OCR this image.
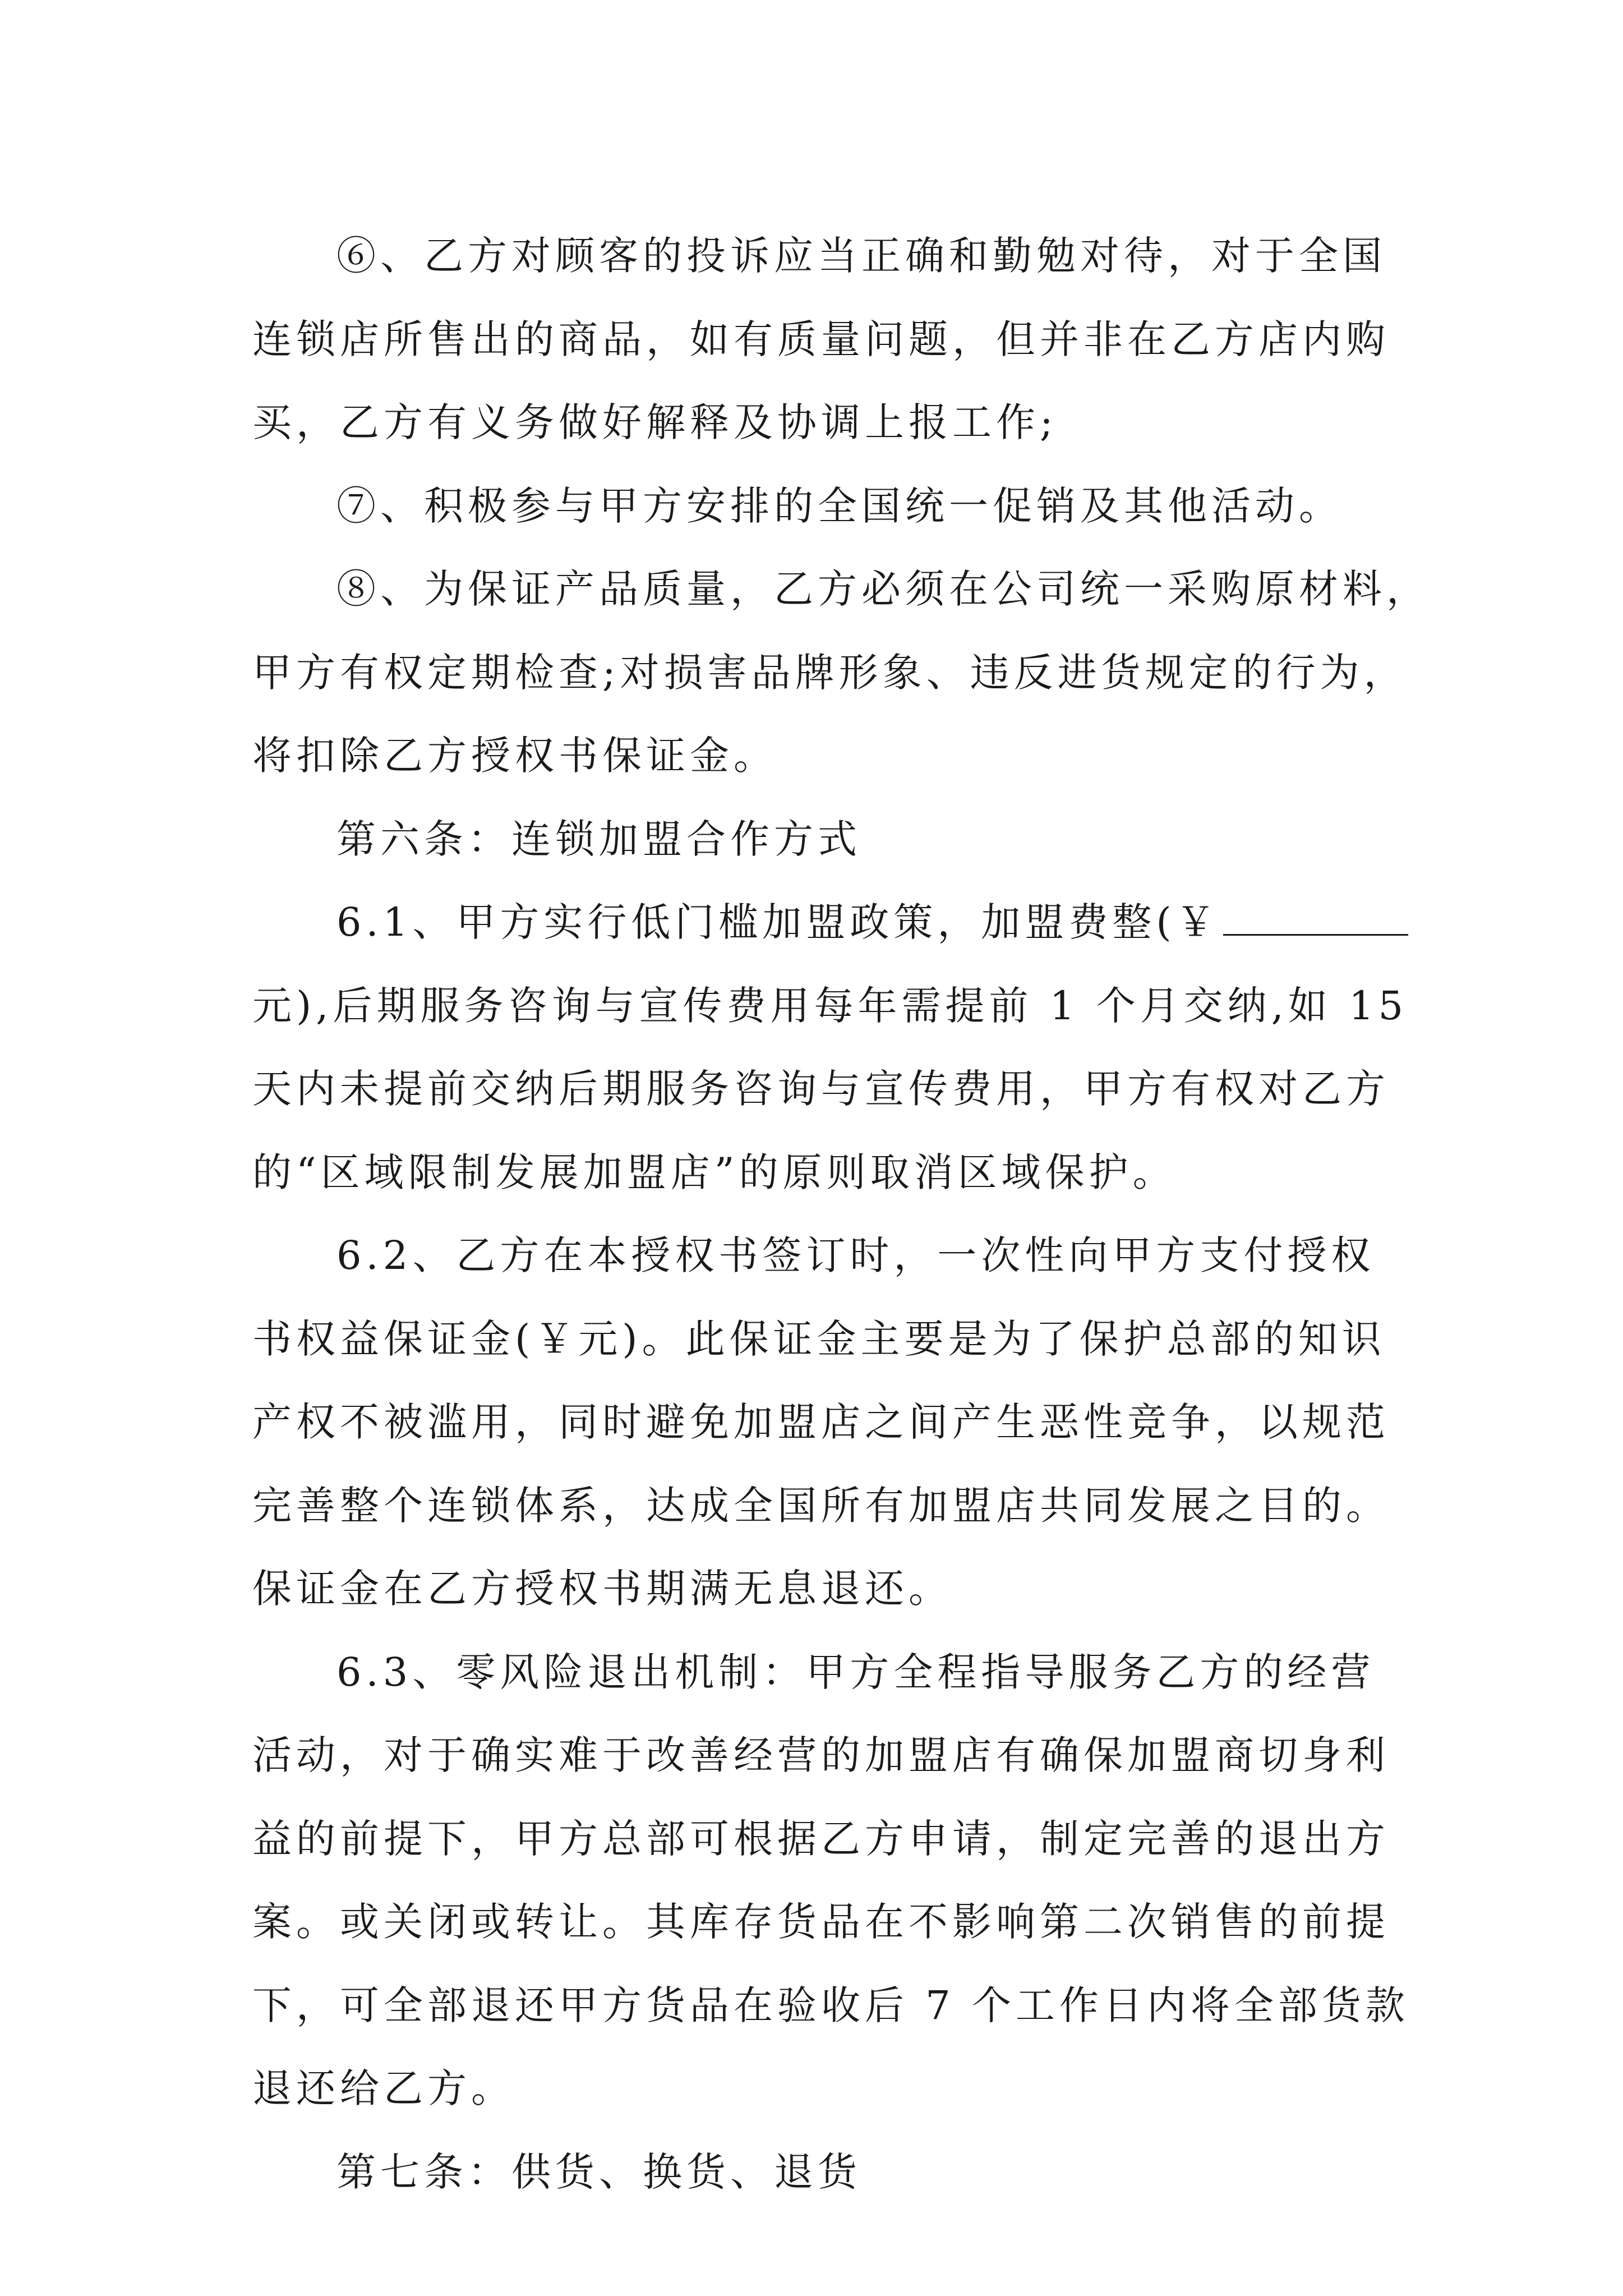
⑥、乙方对顾客的投诉应当正确和勤勉对待，对于全国
连锁店所售出的商品，如有质量问题，但并非在乙方店内购
买，乙方有义务做好解释及协调上报工作;
⑦、积极参与甲方安排的全国统一促销及其他活动。
⑧、为保证产品质量，乙方必须在公司统一采购原材料，
甲方有权定期检查;对损害品牌形象、违反进货规定的行为，
将扣除乙方授权书保证金。
第六条：连锁加盟合作方式
6.1、甲方实行低门槛加盟政策，加盟费整(￥
元),后期服务咨询与宣传费用每年需提前 1 个月交纳,如 15
天内未提前交纳后期服务咨询与宣传费用，甲方有权对乙方
的“区域限制发展加盟店”的原则取消区域保护。
6.2、乙方在本授权书签订时，一次性向甲方支付授权
书权益保证金(￥元)。此保证金主要是为了保护总部的知识
产权不被滥用，同时避免加盟店之间产生恶性竞争，以规范
完善整个连锁体系，达成全国所有加盟店共同发展之目的。
保证金在乙方授权书期满无息退还。
6.3、零风险退出机制：甲方全程指导服务乙方的经营
活动，对于确实难于改善经营的加盟店有确保加盟商切身利
益的前提下，甲方总部可根据乙方申请，制定完善的退出方
案。或关闭或转让。其库存货品在不影响第二次销售的前提
下，可全部退还甲方货品在验收后 7 个工作日内将全部货款
退还给乙方。
第七条：供货、换货、退货
